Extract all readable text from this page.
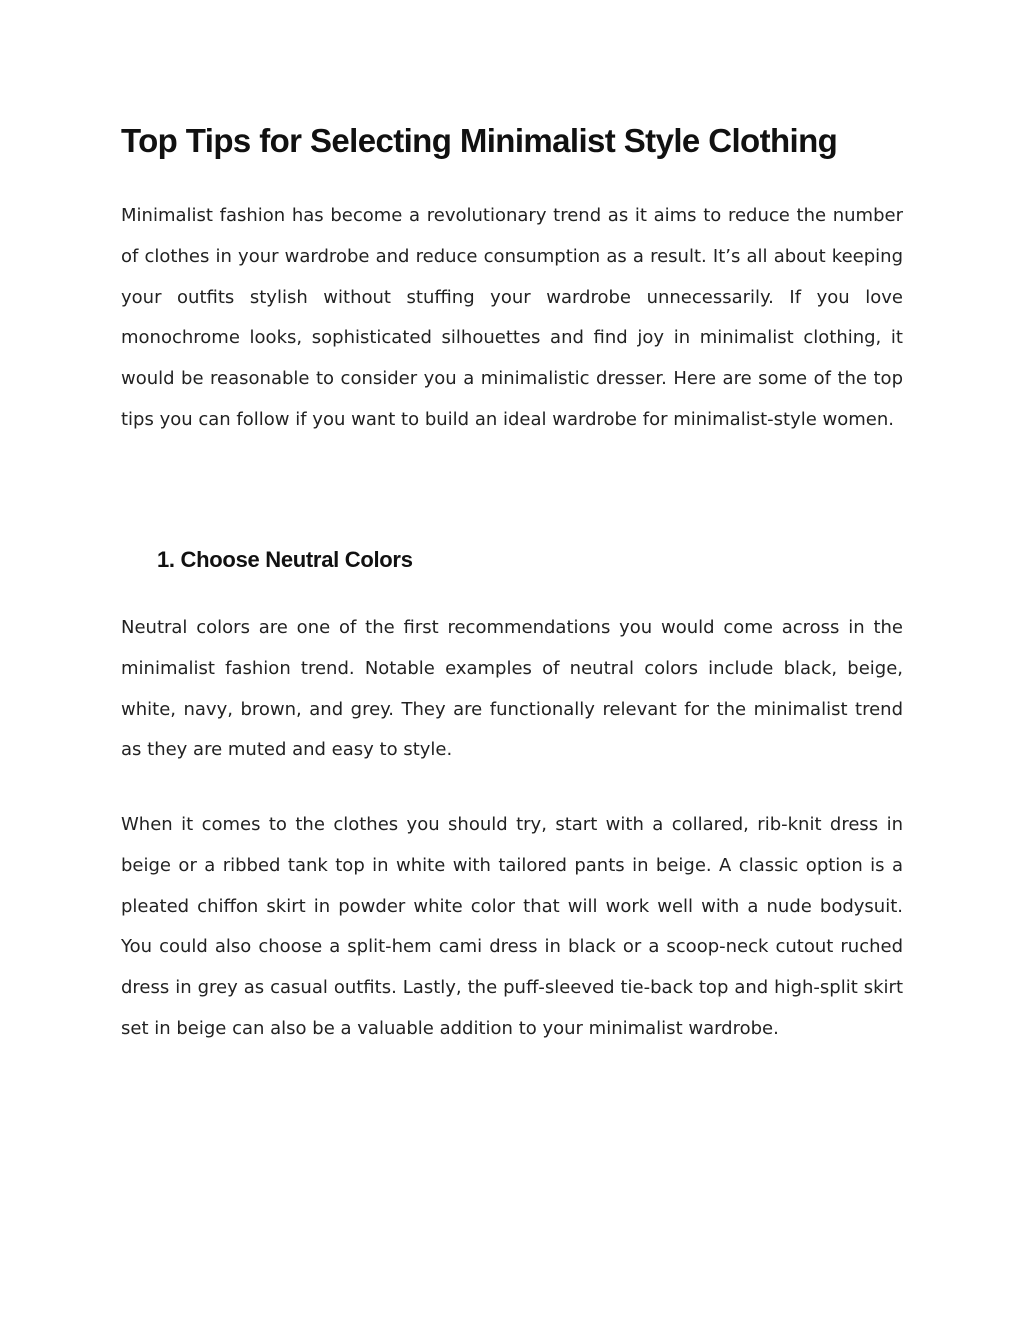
Top Tips for Selecting Minimalist Style Clothing

Minimalist fashion has become a revolutionary trend as it aims to reduce the number of clothes in your wardrobe and reduce consumption as a result. It’s all about keeping your outfits stylish without stuffing your wardrobe unnecessarily. If you love monochrome looks, sophisticated silhouettes and find joy in minimalist clothing, it would be reasonable to consider you a minimalistic dresser. Here are some of the top tips you can follow if you want to build an ideal wardrobe for minimalist-style women.

1. Choose Neutral Colors

Neutral colors are one of the first recommendations you would come across in the minimalist fashion trend. Notable examples of neutral colors include black, beige, white, navy, brown, and grey. They are functionally relevant for the minimalist trend as they are muted and easy to style.

When it comes to the clothes you should try, start with a collared, rib-knit dress in beige or a ribbed tank top in white with tailored pants in beige. A classic option is a pleated chiffon skirt in powder white color that will work well with a nude bodysuit. You could also choose a split-hem cami dress in black or a scoop-neck cutout ruched dress in grey as casual outfits. Lastly, the puff-sleeved tie-back top and high-split skirt set in beige can also be a valuable addition to your minimalist wardrobe.
